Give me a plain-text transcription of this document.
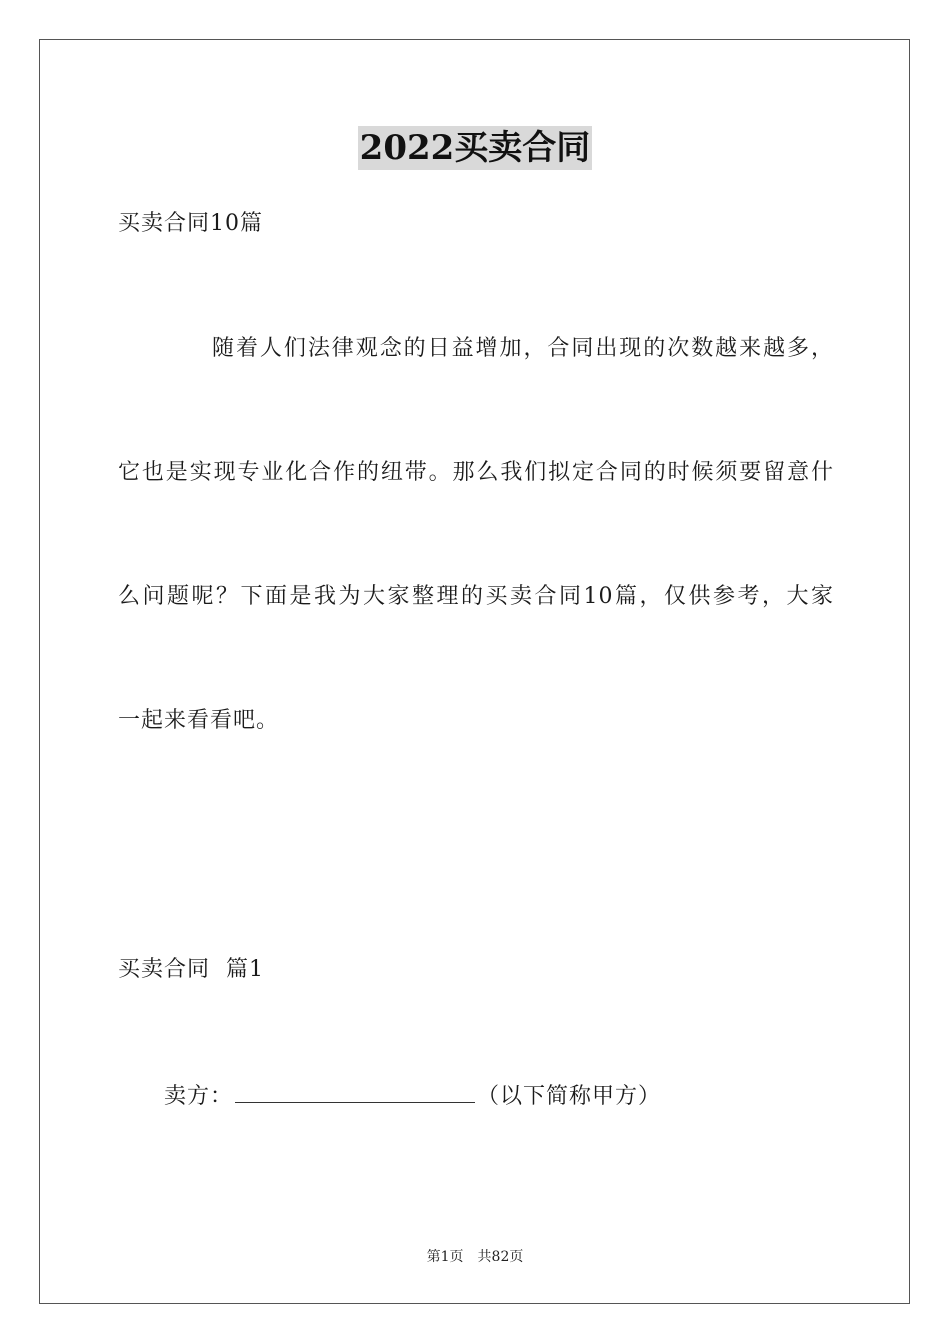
2022买卖合同
买卖合同10篇
随着人们法律观念的日益增加，合同出现的次数越来越多，
它也是实现专业化合作的纽带。那么我们拟定合同的时候须要留意什
么问题呢？下面是我为大家整理的买卖合同10篇，仅供参考，大家
一起来看看吧。
买卖合同  篇1
卖方：	（以下简称甲方）
第1页 共82页
